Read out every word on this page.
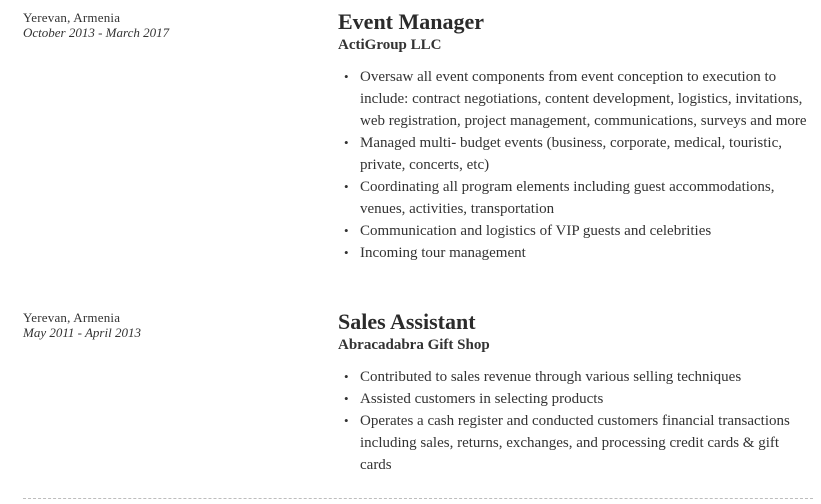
Yerevan, Armenia
October 2013 - March 2017	Event Manager
ActiGroup LLC
• Oversaw all event components from event conception to execution to include: contract negotiations, content development, logistics, invitations, web registration, project management, communications, surveys and more
• Managed multi- budget events (business, corporate, medical, touristic, private, concerts, etc)
• Coordinating all program elements including guest accommodations, venues, activities, transportation
• Communication and logistics of VIP guests and celebrities
• Incoming tour management
Yerevan, Armenia
May 2011 - April 2013	Sales Assistant
Abracadabra Gift Shop
• Contributed to sales revenue through various selling techniques
• Assisted customers in selecting products
• Operates a cash register and conducted customers financial transactions including sales, returns, exchanges, and processing credit cards & gift cards
